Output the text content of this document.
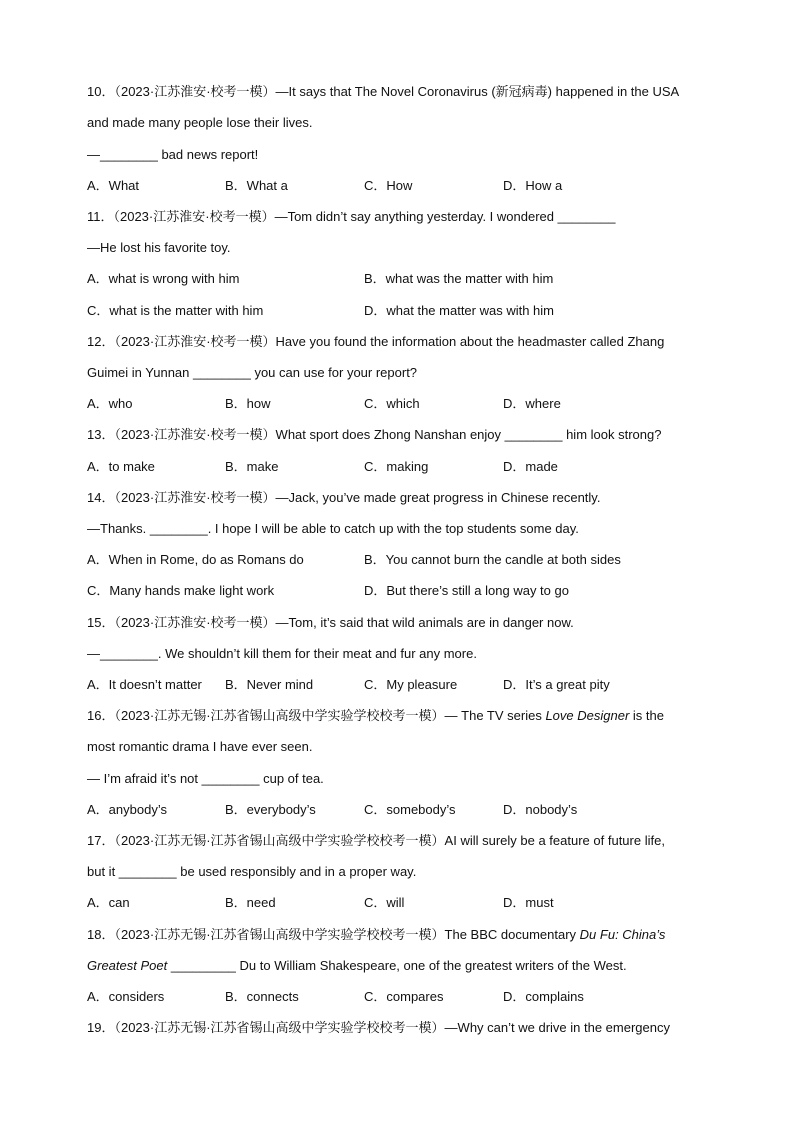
10．（2023·江苏淮安·校考一模）—It says that The Novel Coronavirus (新冠病毒) happened in the USA
and made many people lose their lives.
—________ bad news report!
A．What	B．What a	C．How	D．How a
11．（2023·江苏淮安·校考一模）—Tom didn’t say anything yesterday. I wondered ________
—He lost his favorite toy.
A．what is wrong with him	B．what was the matter with him
C．what is the matter with him	D．what the matter was with him
12．（2023·江苏淮安·校考一模）Have you found the information about the headmaster called Zhang
Guimei in Yunnan ________ you can use for your report?
A．who	B．how	C．which	D．where
13．（2023·江苏淮安·校考一模）What sport does Zhong Nanshan enjoy ________ him look strong?
A．to make	B．make	C．making	D．made
14．（2023·江苏淮安·校考一模）—Jack, you’ve made great progress in Chinese recently.
—Thanks. ________. I hope I will be able to catch up with the top students some day.
A．When in Rome, do as Romans do	B．You cannot burn the candle at both sides
C．Many hands make light work	D．But there’s still a long way to go
15．（2023·江苏淮安·校考一模）—Tom, it’s said that wild animals are in danger now.
—________. We shouldn’t kill them for their meat and fur any more.
A．It doesn’t matter B．Never mind	C．My pleasure	D．It’s a great pity
16．（2023·江苏无锡·江苏省锡山高级中学实验学校校考一模）— The TV series Love Designer is the
most romantic drama I have ever seen.
— I’m afraid it’s not ________ cup of tea.
A．anybody’s	B．everybody’s	C．somebody’s	D．nobody’s
17．（2023·江苏无锡·江苏省锡山高级中学实验学校校考一模）AI will surely be a feature of future life,
but it ________ be used responsibly and in a proper way.
A．can	B．need	C．will	D．must
18．（2023·江苏无锡·江苏省锡山高级中学实验学校校考一模）The BBC documentary Du Fu: China’s
Greatest Poet _________ Du to William Shakespeare, one of the greatest writers of the West.
A．considers	B．connects	C．compares	D．complains
19．（2023·江苏无锡·江苏省锡山高级中学实验学校校考一模）—Why can’t we drive in the emergency
